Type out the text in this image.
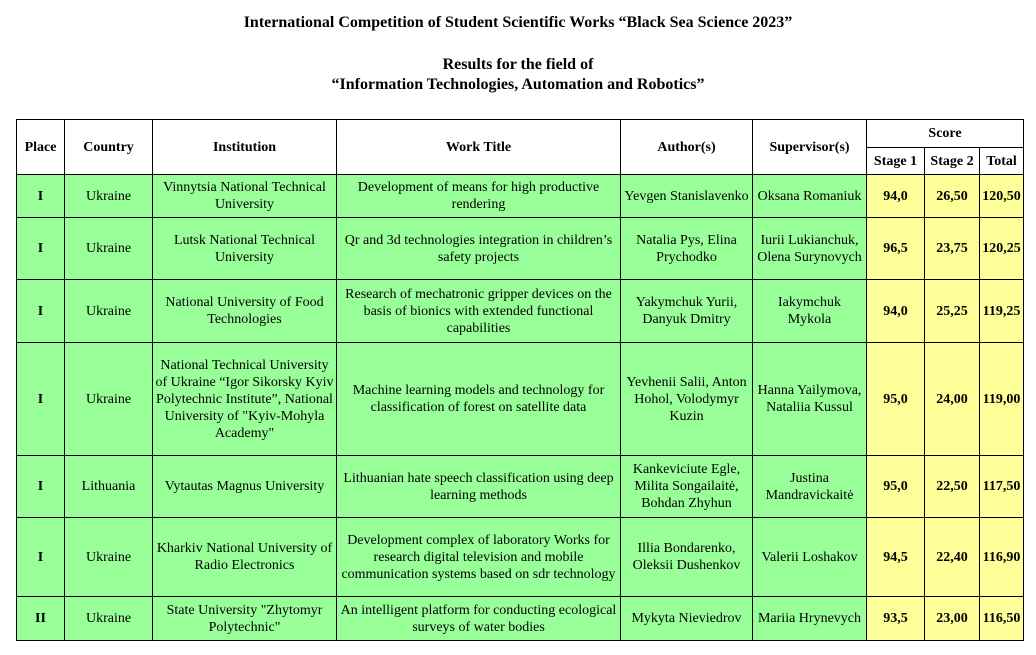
International Competition of Student Scientific Works “Black Sea Science 2023”
Results for the field of
“Information Technologies, Automation and Robotics”
Place	Country	Institution	Work Title	Author(s)	Supervisor(s)	Score		
						Stage 1	Stage 2	Total
I	Ukraine	Vinnytsia National Technical University	Development of means for high productive rendering	Yevgen Stanislavenko	Oksana Romaniuk	94,0	26,50	120,50
I	Ukraine	Lutsk National Technical University	Qr and 3d technologies integration in children’s safety projects	Natalia Pys, Elina Prychodko	Iurii Lukianchuk, Olena Surynovych	96,5	23,75	120,25
I	Ukraine	National University of Food Technologies	Research of mechatronic gripper devices on the basis of bionics with extended functional capabilities	Yakymchuk Yurii, Danyuk Dmitry	Iakymchuk Mykola	94,0	25,25	119,25
I	Ukraine	National Technical University of Ukraine “Igor Sikorsky Kyiv Polytechnic Institute”, National University of "Kyiv-Mohyla Academy"	Machine learning models and technology for classification of forest on satellite data	Yevhenii Salii, Anton Hohol, Volodymyr Kuzin	Hanna Yailymova, Nataliia Kussul	95,0	24,00	119,00
I	Lithuania	Vytautas Magnus University	Lithuanian hate speech classification using deep learning methods	Kankeviciute Egle, Milita Songailaitė, Bohdan Zhyhun	Justina Mandravickaitė	95,0	22,50	117,50
I	Ukraine	Kharkiv National University of Radio Electronics	Development complex of laboratory Works for research digital television and mobile communication systems based on sdr technology	Illia Bondarenko, Oleksii Dushenkov	Valerii Loshakov	94,5	22,40	116,90
II	Ukraine	State University "Zhytomyr Polytechnic"	An intelligent platform for conducting ecological surveys of water bodies	Mykyta Nieviedrov	Mariia Hrynevych	93,5	23,00	116,50
